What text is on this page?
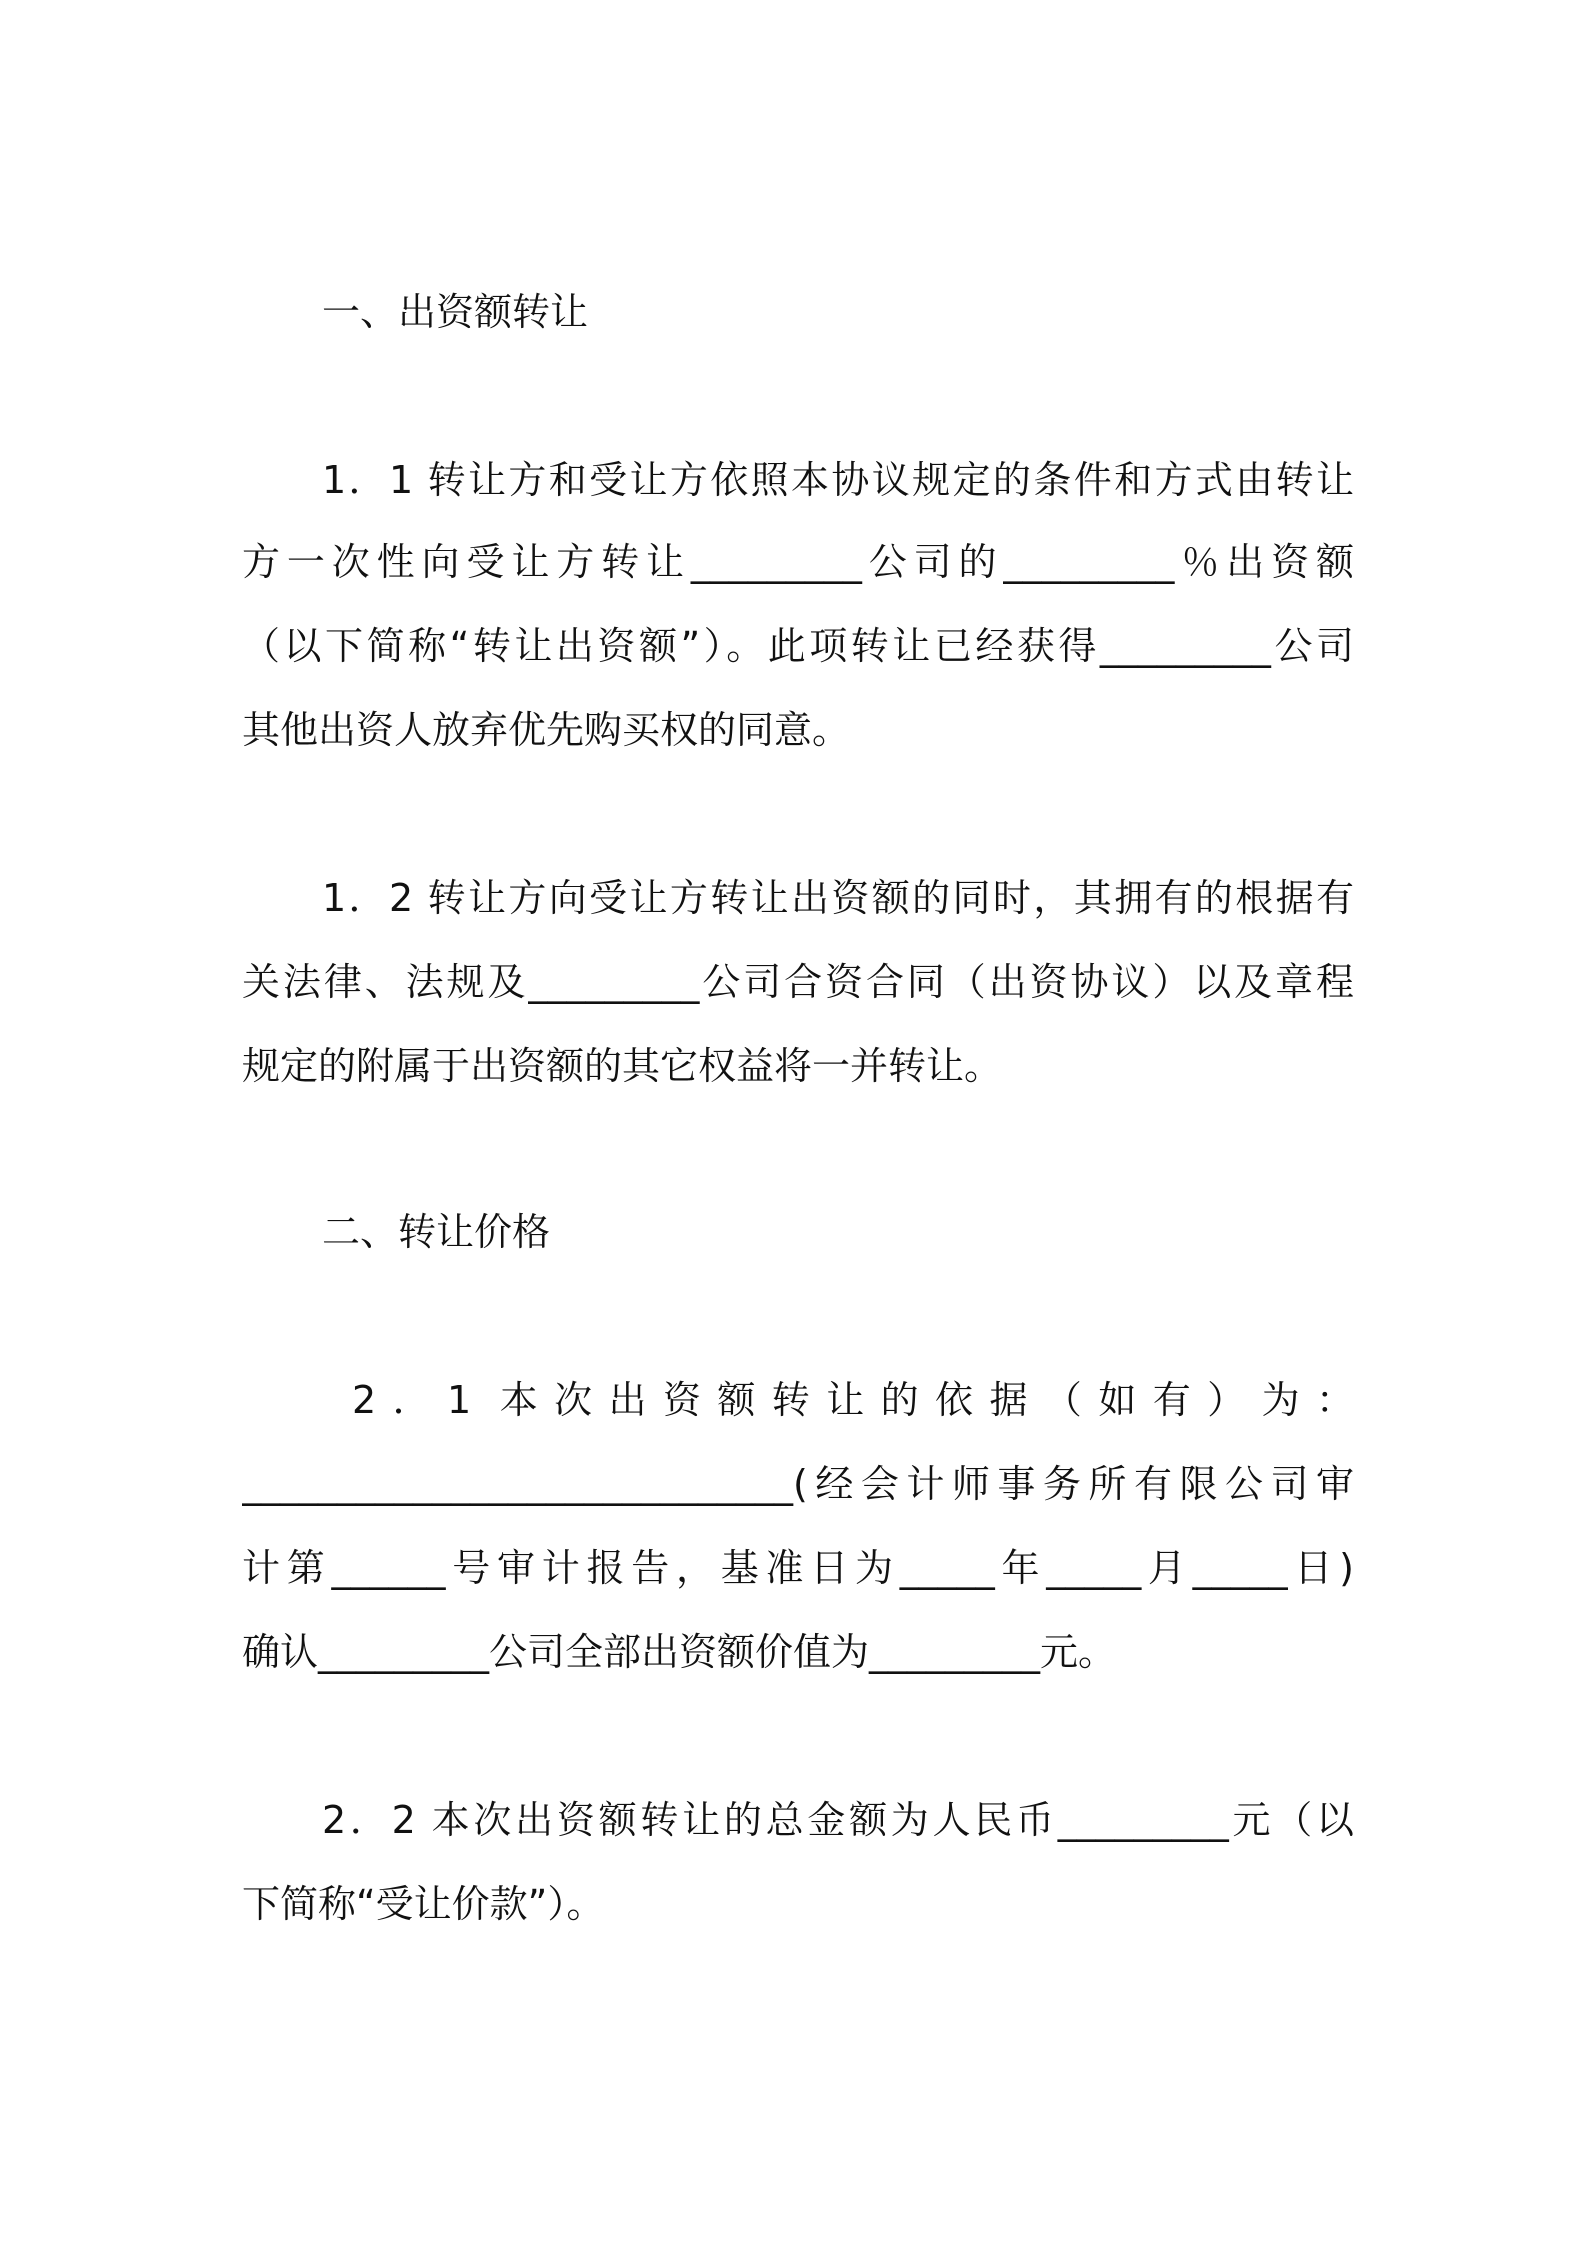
一、出资额转让
1．1 转让方和受让方依照本协议规定的条件和方式由转让
方一次性向受让方转让_________公司的_________％出资额
（以下简称“转让出资额”）。此项转让已经获得_________公司
其他出资人放弃优先购买权的同意。
1．2 转让方向受让方转让出资额的同时，其拥有的根据有
关法律、法规及_________公司合资合同（出资协议）以及章程
规定的附属于出资额的其它权益将一并转让。
二、转让价格
2．1 本次出资额转让的依据（如有）为：
_____________________________(经会计师事务所有限公司审
计第______号审计报告，基准日为_____年_____月_____日)
确认_________公司全部出资额价值为_________元。
2．2 本次出资额转让的总金额为人民币_________元（以
下简称“受让价款”）。
